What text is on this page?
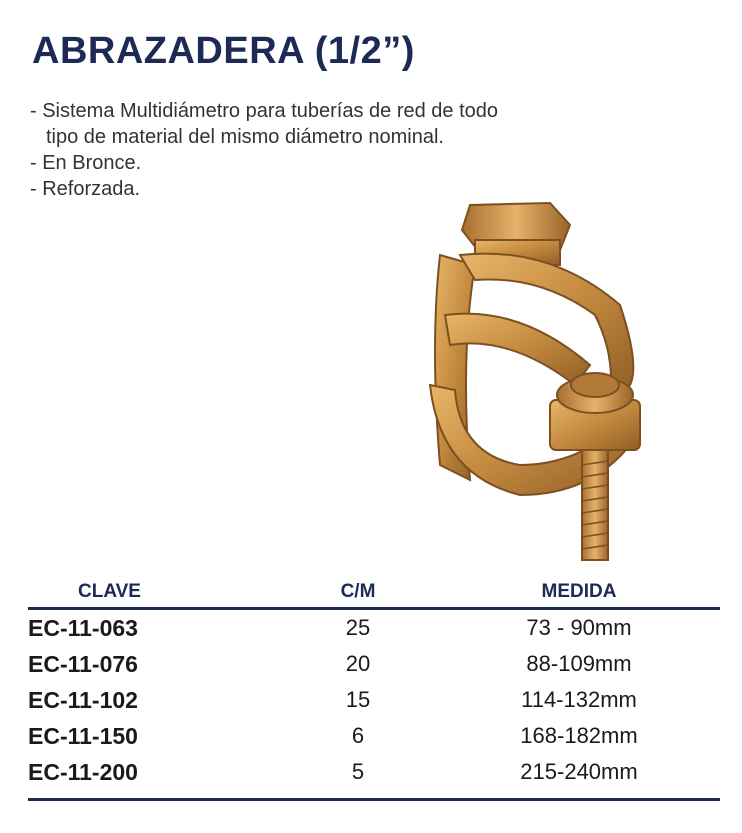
ABRAZADERA (1/2”)
- Sistema Multidiámetro para tuberías de red de todo tipo de material del mismo diámetro nominal.
- En Bronce.
- Reforzada.
CLAVE	C/M	MEDIDA
EC-11-063	25	73 - 90mm
EC-11-076	20	88-109mm
EC-11-102	15	114-132mm
EC-11-150	6	168-182mm
EC-11-200	5	215-240mm
